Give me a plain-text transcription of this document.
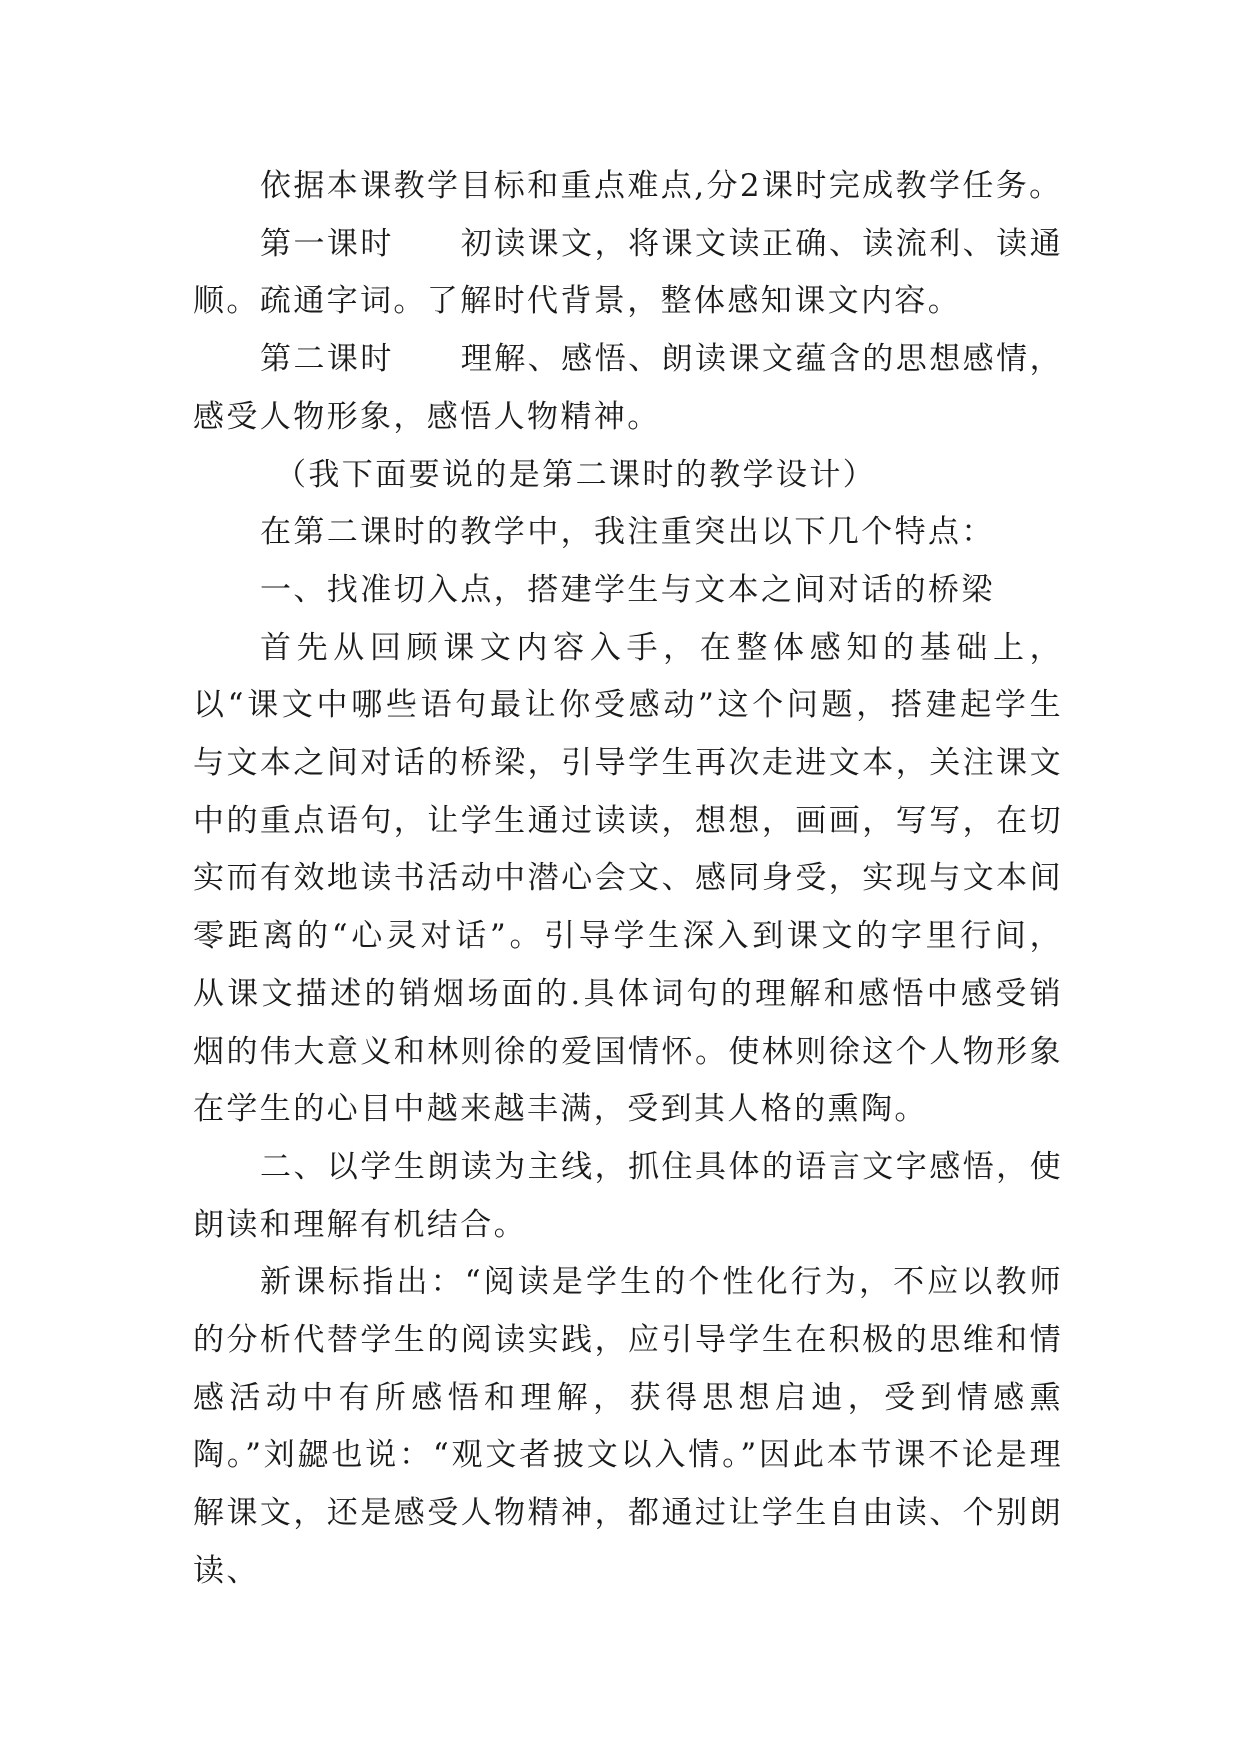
依据本课教学目标和重点难点,分2课时完成教学任务。

第一课时　　初读课文，将课文读正确、读流利、读通顺。疏通字词。了解时代背景，整体感知课文内容。

第二课时　　理解、感悟、朗读课文蕴含的思想感情，感受人物形象，感悟人物精神。

（我下面要说的是第二课时的教学设计）

在第二课时的教学中，我注重突出以下几个特点：

一、找准切入点，搭建学生与文本之间对话的桥梁

首先从回顾课文内容入手，在整体感知的基础上，以“课文中哪些语句最让你受感动”这个问题，搭建起学生与文本之间对话的桥梁，引导学生再次走进文本，关注课文中的重点语句，让学生通过读读，想想，画画，写写，在切实而有效地读书活动中潜心会文、感同身受，实现与文本间零距离的“心灵对话”。引导学生深入到课文的字里行间，从课文描述的销烟场面的.具体词句的理解和感悟中感受销烟的伟大意义和林则徐的爱国情怀。使林则徐这个人物形象在学生的心目中越来越丰满，受到其人格的熏陶。

二、以学生朗读为主线，抓住具体的语言文字感悟，使朗读和理解有机结合。

新课标指出：“阅读是学生的个性化行为，不应以教师的分析代替学生的阅读实践，应引导学生在积极的思维和情感活动中有所感悟和理解，获得思想启迪，受到情感熏陶。”刘勰也说：“观文者披文以入情。”因此本节课不论是理解课文，还是感受人物精神，都通过让学生自由读、个别朗读、
